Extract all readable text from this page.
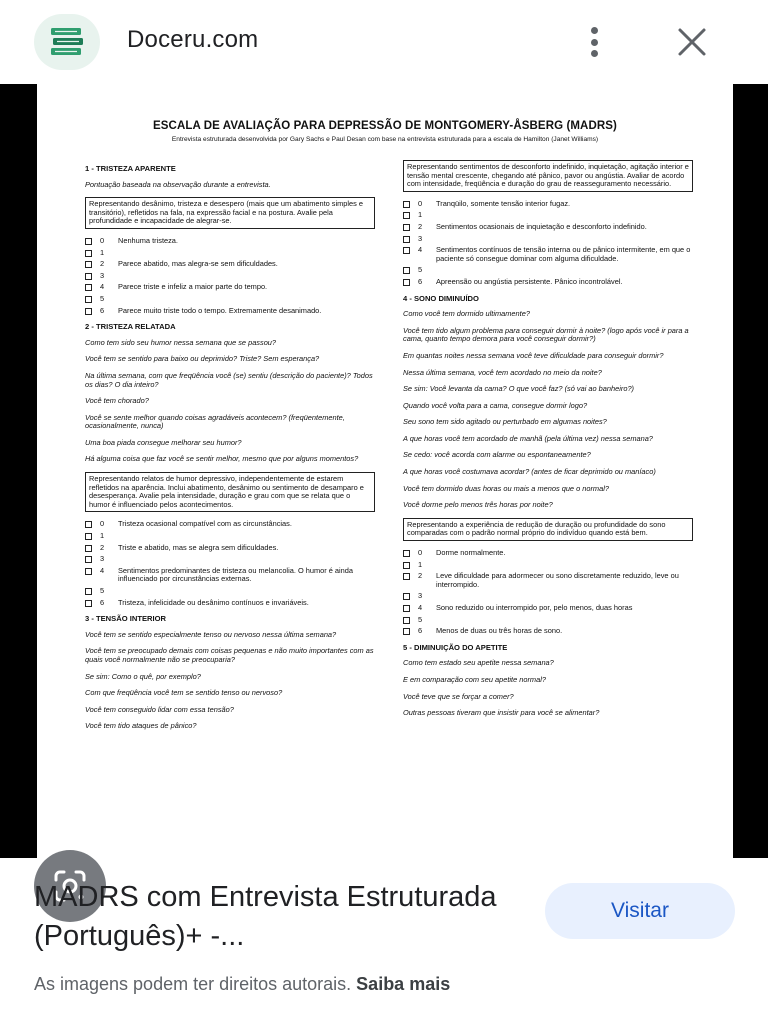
Doceru.com
ESCALA DE AVALIAÇÃO PARA DEPRESSÃO DE MONTGOMERY-ÅSBERG (MADRS)
Entrevista estruturada desenvolvida por Gary Sachs e Paul Desan com base na entrevista estruturada para a escala de Hamilton (Janet Williams)
1 - TRISTEZA APARENTE
Pontuação baseada na observação durante a entrevista.
Representando desânimo, tristeza e desespero (mais que um abatimento simples e transitório), refletidos na fala, na expressão facial e na postura. Avalie pela profundidade e incapacidade de alegrar-se.
0	Nenhuma tristeza.
1
2	Parece abatido, mas alegra-se sem dificuldades.
3
4	Parece triste e infeliz a maior parte do tempo.
5
6	Parece muito triste todo o tempo. Extremamente desanimado.
2 - TRISTEZA RELATADA
Como tem sido seu humor nessa semana que se passou?
Você tem se sentido para baixo ou deprimido? Triste? Sem esperança?
Na última semana, com que freqüência você (se) sentiu (descrição do paciente)? Todos os dias? O dia inteiro?
Você tem chorado?
Você se sente melhor quando coisas agradáveis acontecem? (freqüentemente, ocasionalmente, nunca)
Uma boa piada consegue melhorar seu humor?
Há alguma coisa que faz você se sentir melhor, mesmo que por alguns momentos?
Representando relatos de humor depressivo, independentemente de estarem refletidos na aparência. Inclui abatimento, desânimo ou sentimento de desamparo e desesperança. Avalie pela intensidade, duração e grau com que se relata que o humor é influenciado pelos acontecimentos.
0	Tristeza ocasional compatível com as circunstâncias.
1
2	Triste e abatido, mas se alegra sem dificuldades.
3
4	Sentimentos predominantes de tristeza ou melancolia. O humor é ainda influenciado por circunstâncias externas.
5
6	Tristeza, infelicidade ou desânimo contínuos e invariáveis.
3 - TENSÃO INTERIOR
Você tem se sentido especialmente tenso ou nervoso nessa última semana?
Você tem se preocupado demais com coisas pequenas e não muito importantes com as quais você normalmente não se preocuparia?
Se sim: Como o quê, por exemplo?
Com que freqüência você tem se sentido tenso ou nervoso?
Você tem conseguido lidar com essa tensão?
Você tem tido ataques de pânico?
Representando sentimentos de desconforto indefinido, inquietação, agitação interior e tensão mental crescente, chegando até pânico, pavor ou angústia. Avaliar de acordo com intensidade, freqüência e duração do grau de reasseguramento necessário.
0	Tranqüilo, somente tensão interior fugaz.
1
2	Sentimentos ocasionais de inquietação e desconforto indefinido.
3
4	Sentimentos contínuos de tensão interna ou de pânico intermitente, em que o paciente só consegue dominar com alguma dificuldade.
5
6	Apreensão ou angústia persistente. Pânico incontrolável.
4 - SONO DIMINUÍDO
Como você tem dormido ultimamente?
Você tem tido algum problema para conseguir dormir à noite? (logo após você ir para a cama, quanto tempo demora para você conseguir dormir?)
Em quantas noites nessa semana você teve dificuldade para conseguir dormir?
Nessa última semana, você tem acordado no meio da noite?
Se sim: Você levanta da cama? O que você faz? (só vai ao banheiro?)
Quando você volta para a cama, consegue dormir logo?
Seu sono tem sido agitado ou perturbado em algumas noites?
A que horas você tem acordado de manhã (pela última vez) nessa semana?
Se cedo: você acorda com alarme ou espontaneamente?
A que horas você costumava acordar? (antes de ficar deprimido ou maníaco)
Você tem dormido duas horas ou mais a menos que o normal?
Você dorme pelo menos três horas por noite?
Representando a experiência de redução de duração ou profundidade do sono comparadas com o padrão normal próprio do indivíduo quando está bem.
0	Dorme normalmente.
1
2	Leve dificuldade para adormecer ou sono discretamente reduzido, leve ou interrompido.
3
4	Sono reduzido ou interrompido por, pelo menos, duas horas
5
6	Menos de duas ou três horas de sono.
5 - DIMINUIÇÃO DO APETITE
Como tem estado seu apetite nessa semana?
E em comparação com seu apetite normal?
Você teve que se forçar a comer?
Outras pessoas tiveram que insistir para você se alimentar?
MADRS com Entrevista Estruturada (Português)+ -...
Visitar
As imagens podem ter direitos autorais. Saiba mais
